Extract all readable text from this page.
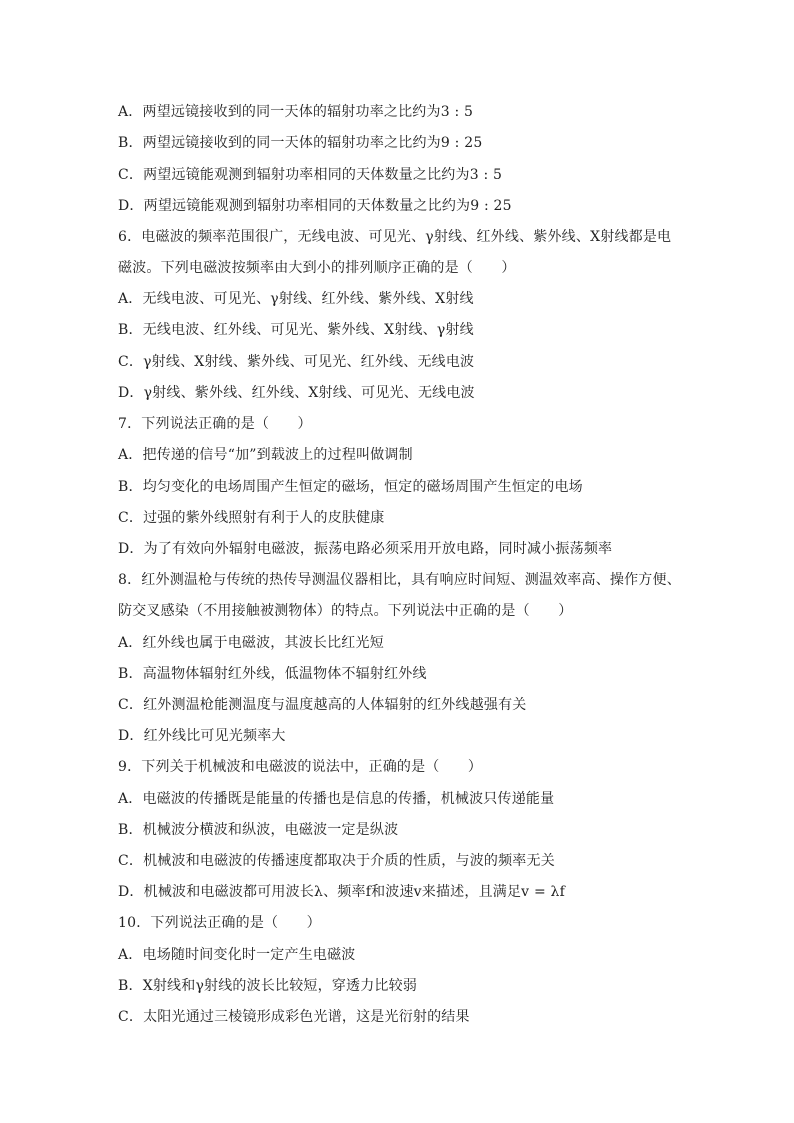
A．两望远镜接收到的同一天体的辐射功率之比约为3 : 5
B．两望远镜接收到的同一天体的辐射功率之比约为9 : 25
C．两望远镜能观测到辐射功率相同的天体数量之比约为3 : 5
D．两望远镜能观测到辐射功率相同的天体数量之比约为9 : 25
6．电磁波的频率范围很广，无线电波、可见光、γ射线、红外线、紫外线、X射线都是电
磁波。下列电磁波按频率由大到小的排列顺序正确的是（　　）
A．无线电波、可见光、γ射线、红外线、紫外线、X射线
B．无线电波、红外线、可见光、紫外线、X射线、γ射线
C．γ射线、X射线、紫外线、可见光、红外线、无线电波
D．γ射线、紫外线、红外线、X射线、可见光、无线电波
7．下列说法正确的是（　　）
A．把传递的信号“加”到载波上的过程叫做调制
B．均匀变化的电场周围产生恒定的磁场，恒定的磁场周围产生恒定的电场
C．过强的紫外线照射有利于人的皮肤健康
D．为了有效向外辐射电磁波，振荡电路必须采用开放电路，同时减小振荡频率
8．红外测温枪与传统的热传导测温仪器相比，具有响应时间短、测温效率高、操作方便、
防交叉感染（不用接触被测物体）的特点。下列说法中正确的是（　　）
A．红外线也属于电磁波，其波长比红光短
B．高温物体辐射红外线，低温物体不辐射红外线
C．红外测温枪能测温度与温度越高的人体辐射的红外线越强有关
D．红外线比可见光频率大
9．下列关于机械波和电磁波的说法中，正确的是（　　）
A．电磁波的传播既是能量的传播也是信息的传播，机械波只传递能量
B．机械波分横波和纵波，电磁波一定是纵波
C．机械波和电磁波的传播速度都取决于介质的性质，与波的频率无关
D．机械波和电磁波都可用波长λ、频率f和波速v来描述，且满足v = λf
10．下列说法正确的是（　　）
A．电场随时间变化时一定产生电磁波
B．X射线和γ射线的波长比较短，穿透力比较弱
C．太阳光通过三棱镜形成彩色光谱，这是光衍射的结果
